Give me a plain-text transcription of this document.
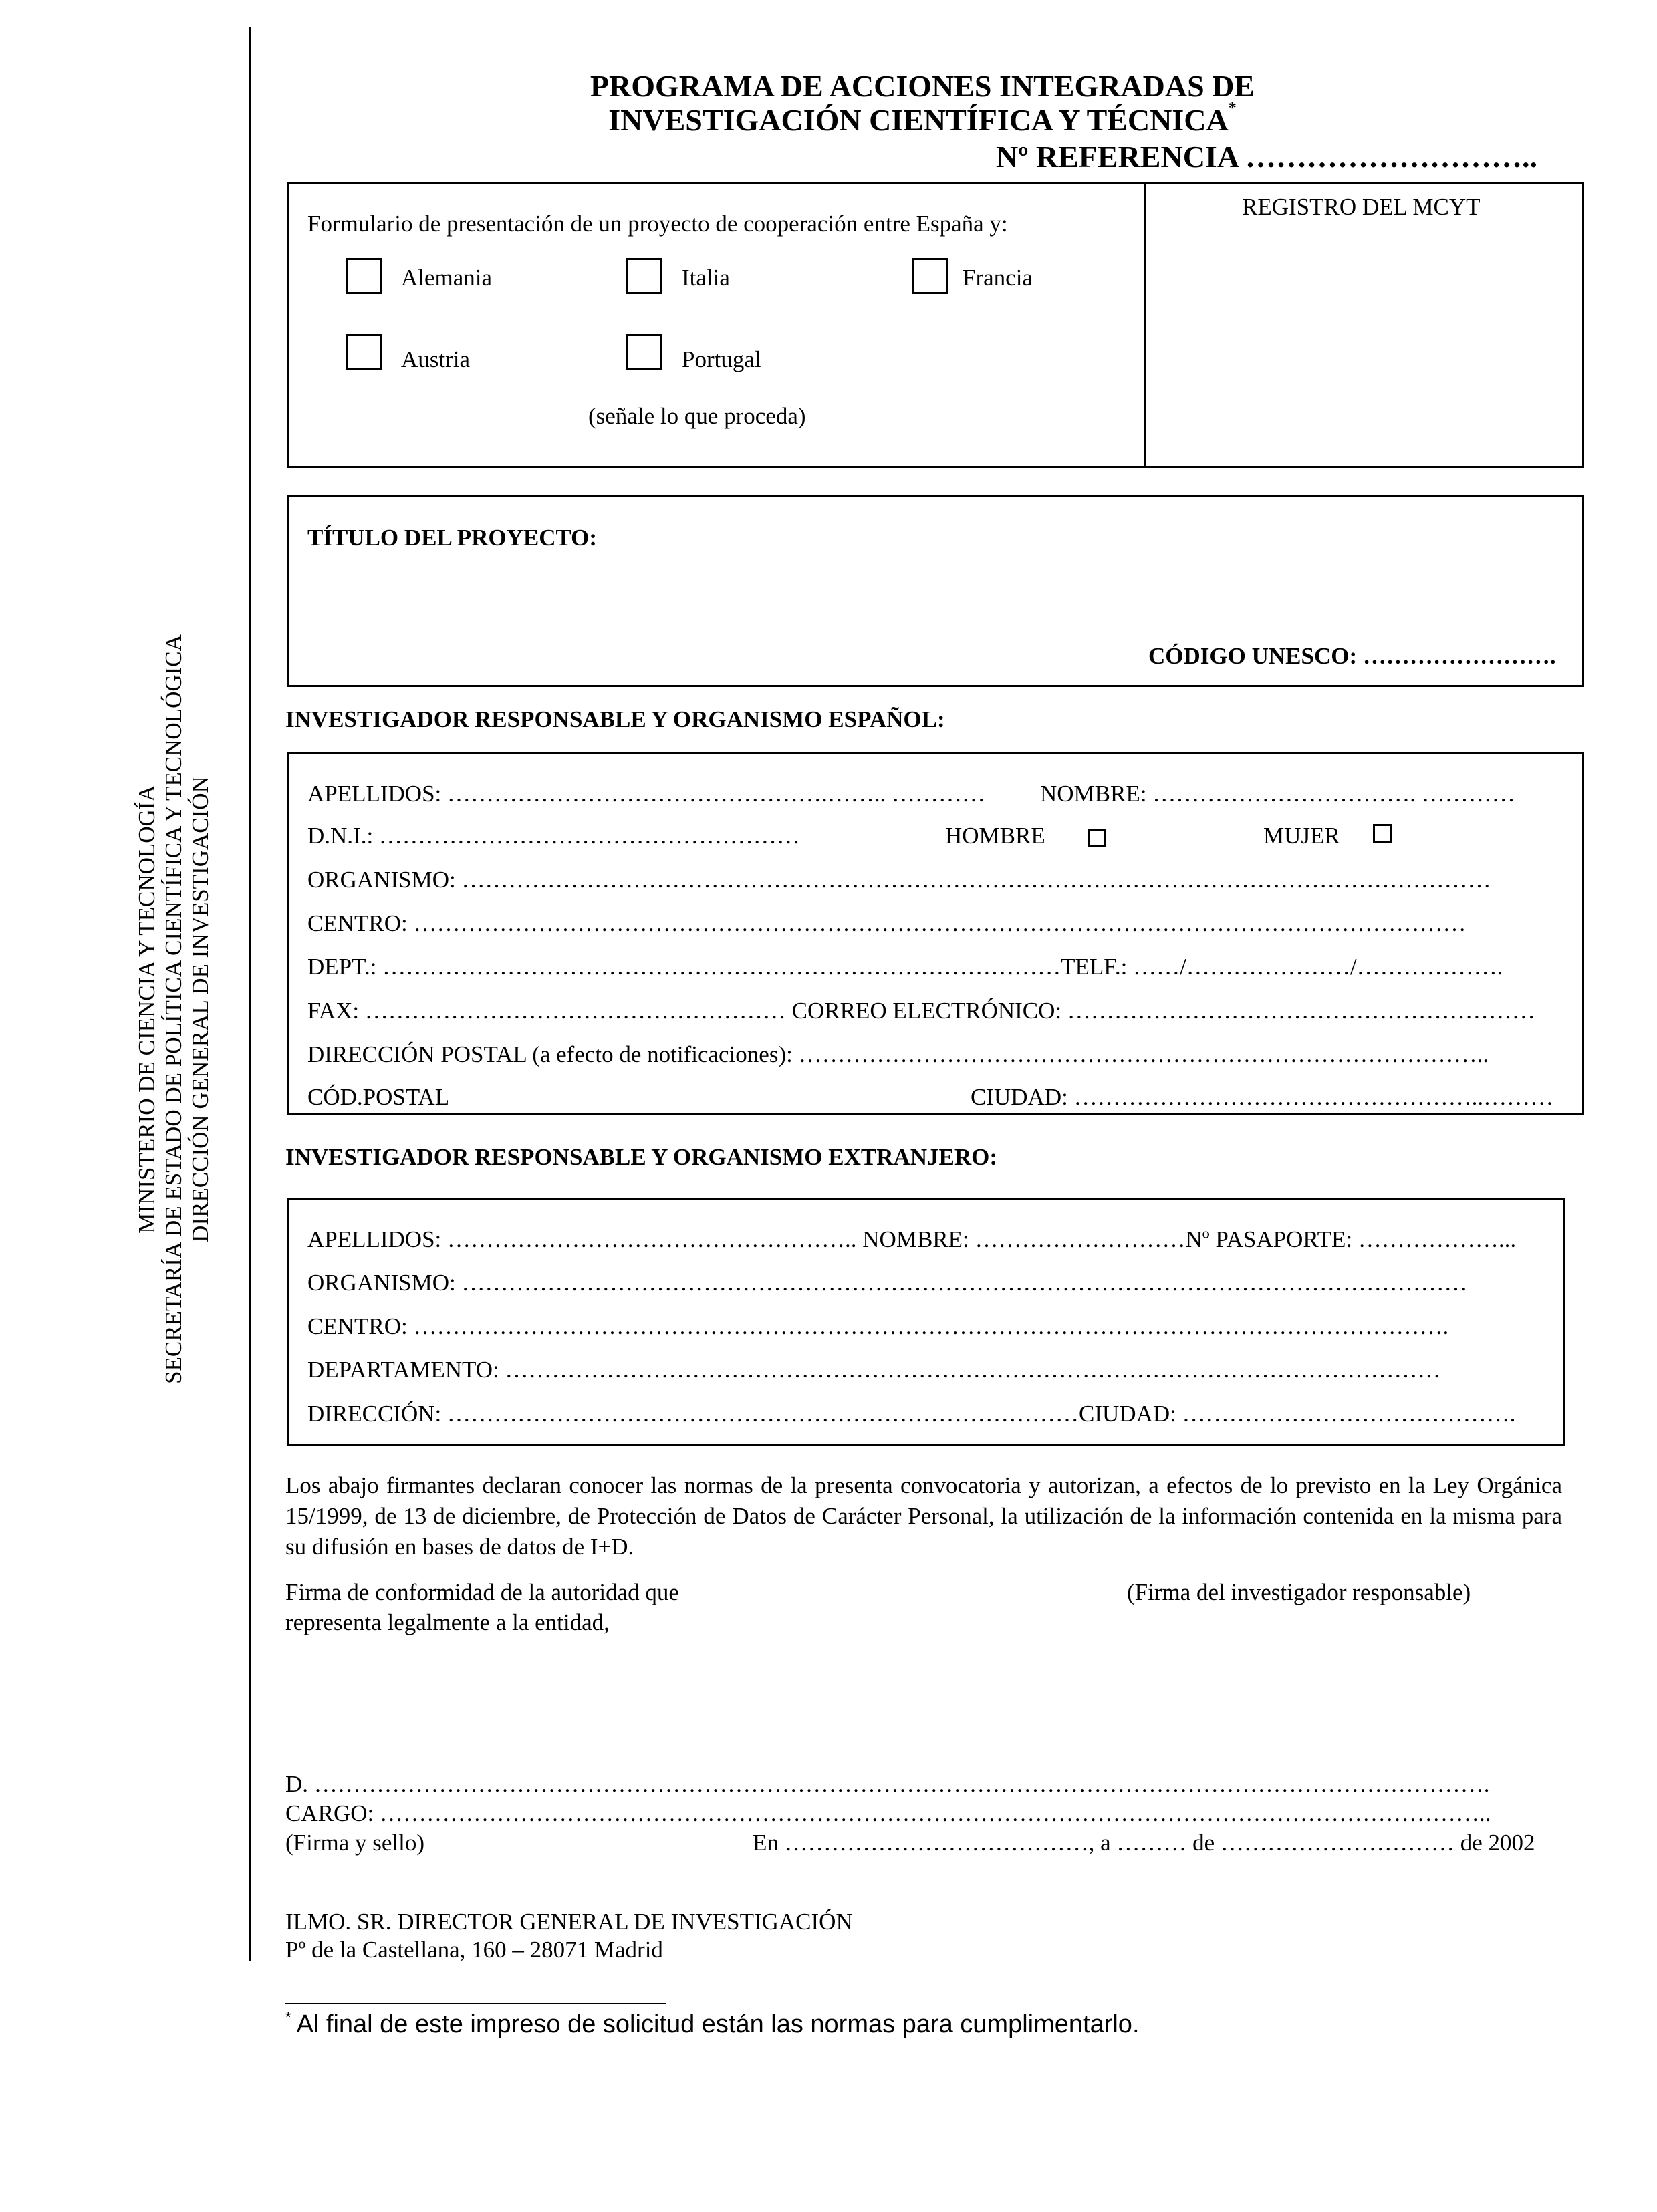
MINISTERIO DE CIENCIA Y TECNOLOGÍA SECRETARÍA DE ESTADO DE POLÍTICA CIENTÍFICA Y TECNOLÓGICA DIRECCIÓN GENERAL DE INVESTIGACIÓN
PROGRAMA DE ACCIONES INTEGRADAS DE
INVESTIGACIÓN CIENTÍFICA Y TÉCNICA*
Nº REFERENCIA ………………………..
REGISTRO DEL MCYT
Formulario de presentación de un proyecto de cooperación entre España y:
Alemania	Italia	Francia
Austria	Portugal
(señale lo que proceda)
TÍTULO DEL PROYECTO:
CÓDIGO UNESCO: …………………….
INVESTIGADOR RESPONSABLE Y ORGANISMO ESPAÑOL:
APELLIDOS: ………………………………………….…….. ………… NOMBRE: ……………………………. …………
D.N.I.: ………………………………………………	HOMBRE	MUJER
ORGANISMO: ……………………………………………………………………………………………………………………
CENTRO: ………………………………………………………………………………………………………………………
DEPT.: ……………………………………………………………………………TELF.: ……/…………………/……………….
FAX: ……………………………………………… CORREO ELECTRÓNICO: ……………………………………………………
DIRECCIÓN POSTAL (a efecto de notificaciones): ……………………………………………………………………………..
CÓD.POSTAL	CIUDAD: ……………………………………………..………
INVESTIGADOR RESPONSABLE Y ORGANISMO EXTRANJERO:
APELLIDOS: …………………………………………….. NOMBRE: ………………………Nº PASAPORTE: ………………...
ORGANISMO: …………………………………………………………………………………………………………………
CENTRO: …………………………………………………………………………………………………………………….
DEPARTAMENTO: …………………………………………………………………………………………………………
DIRECCIÓN: ………………………………………………………………………CIUDAD: …………………………………….
Los abajo firmantes declaran conocer las normas de la presenta convocatoria y autorizan, a efectos de lo previsto en la Ley Orgánica 15/1999, de 13 de diciembre, de Protección de Datos de Carácter Personal, la utilización de la información contenida en la misma para su difusión en bases de datos de I+D.
Firma de conformidad de la autoridad que
representa legalmente a la entidad,
(Firma del investigador responsable)
D. …………………………………………………………………………………………………………………………………….
CARGO: ……………………………………………………………………………………………………………………………..
(Firma y sello)	En …………………………………, a ……… de ………………………… de 2002
ILMO. SR. DIRECTOR GENERAL DE INVESTIGACIÓN
Pº de la Castellana, 160 – 28071 Madrid
* Al final de este impreso de solicitud están las normas para cumplimentarlo.
